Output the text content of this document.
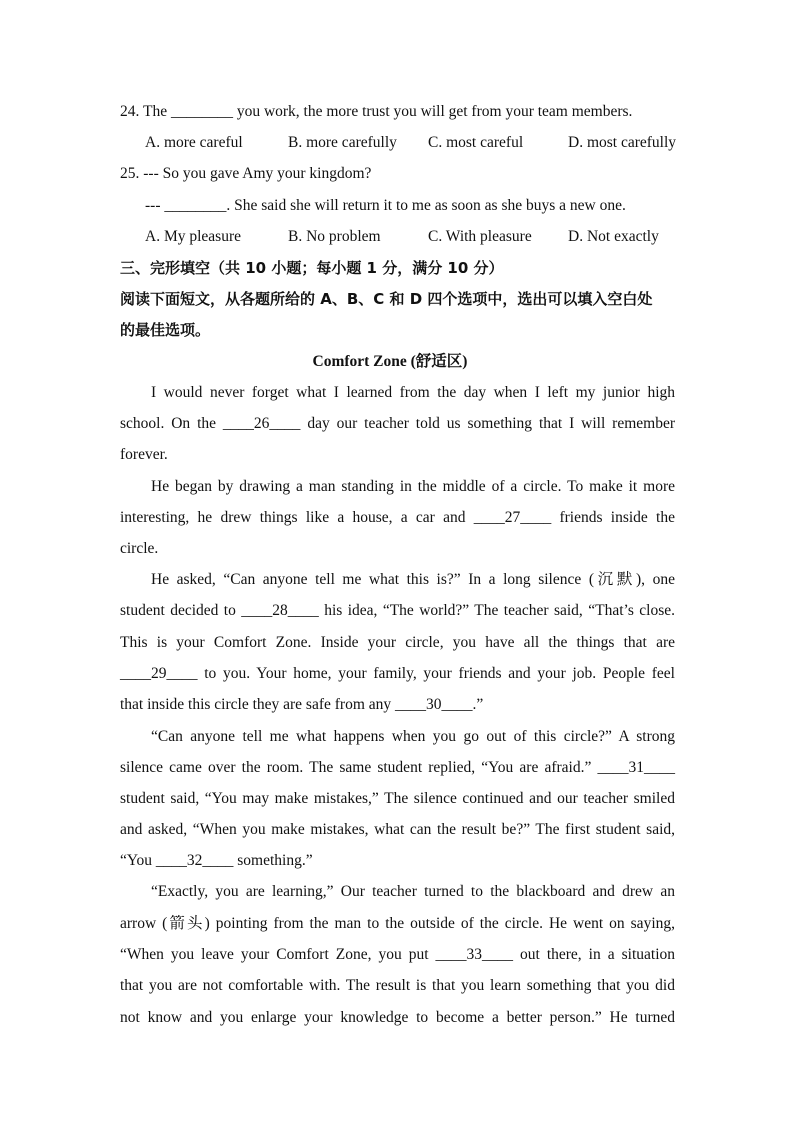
24. The ________ you work, the more trust you will get from your team members.
A. more careful	B. more carefully C. most careful	D. most carefully
25. --- So you gave Amy your kingdom?
--- ________. She said she will return it to me as soon as she buys a new one.
A. My pleasure	B. No problem	C. With pleasure D. Not exactly
三、完形填空（共 10 小题；每小题 1 分，满分 10 分）
阅读下面短文，从各题所给的 A、B、C 和 D 四个选项中，选出可以填入空白处
的最佳选项。
Comfort Zone (舒适区)
I would never forget what I learned from the day when I left my junior high
school. On the ____26____ day our teacher told us something that I will remember
forever.
He began by drawing a man standing in the middle of a circle. To make it more
interesting, he drew things like a house, a car and ____27____ friends inside the
circle.
He asked, “Can anyone tell me what this is?” In a long silence (沉默), one
student decided to ____28____ his idea, “The world?” The teacher said, “That’s close.
This is your Comfort Zone. Inside your circle, you have all the things that are
____29____ to you. Your home, your family, your friends and your job. People feel
that inside this circle they are safe from any ____30____.”
“Can anyone tell me what happens when you go out of this circle?” A strong
silence came over the room. The same student replied, “You are afraid.” ____31____
student said, “You may make mistakes,” The silence continued and our teacher smiled
and asked, “When you make mistakes, what can the result be?” The first student said,
“You ____32____ something.”
“Exactly, you are learning,” Our teacher turned to the blackboard and drew an
arrow (箭头) pointing from the man to the outside of the circle. He went on saying,
“When you leave your Comfort Zone, you put ____33____ out there, in a situation
that you are not comfortable with. The result is that you learn something that you did
not know and you enlarge your knowledge to become a better person.” He turned
